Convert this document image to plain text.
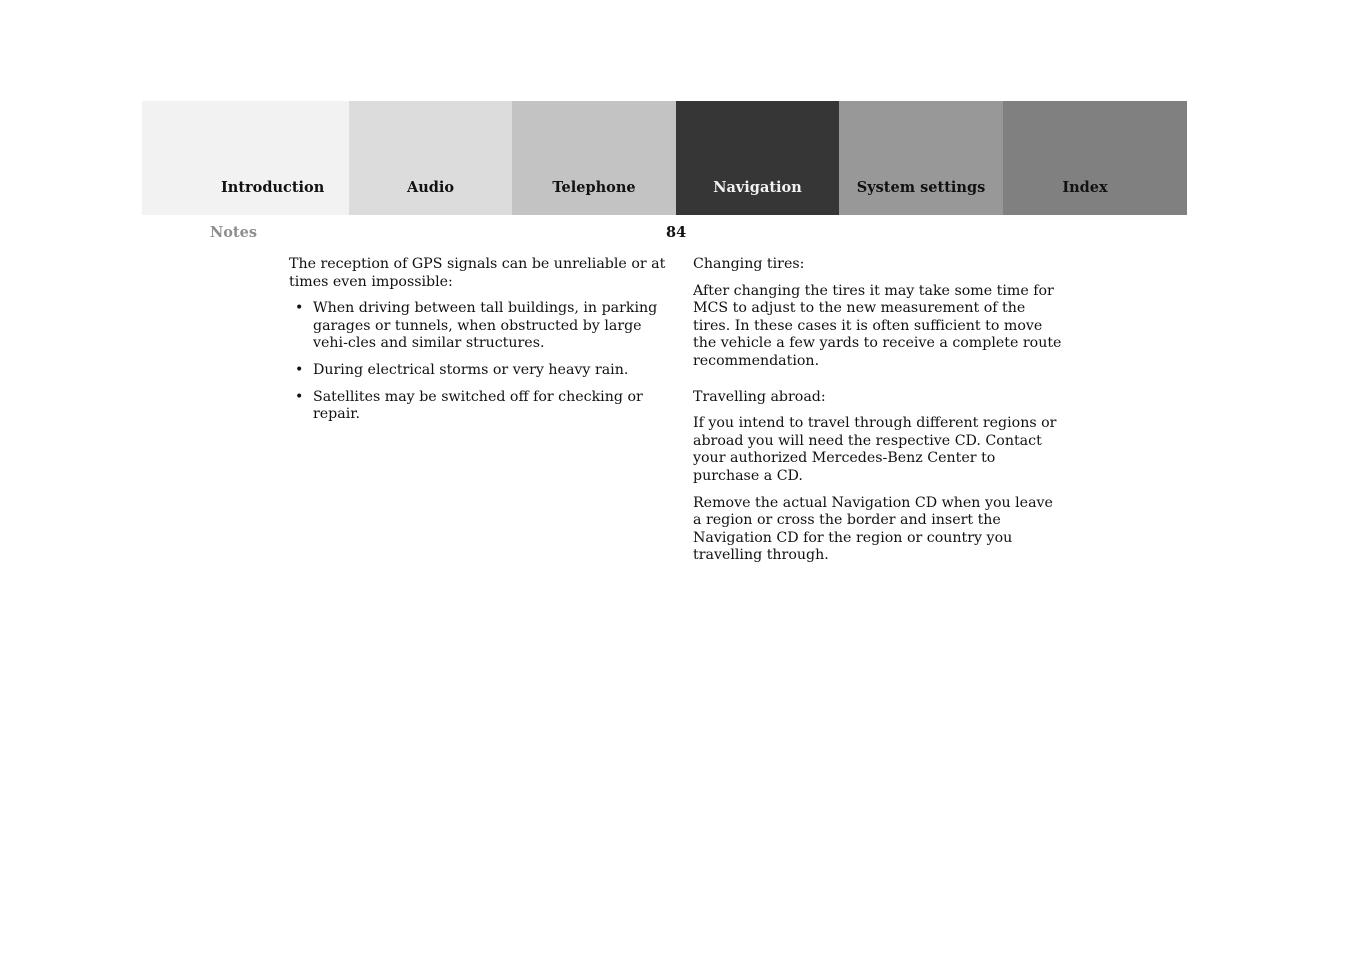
Introduction	Audio	Telephone	Navigation	System settings	Index
Notes	84

The reception of GPS signals can be unreliable or at times even impossible:

• When driving between tall buildings, in parking garages or tunnels, when obstructed by large vehi-cles and similar structures.
• During electrical storms or very heavy rain.
• Satellites may be switched off for checking or repair.

Changing tires:

After changing the tires it may take some time for MCS to adjust to the new measurement of the tires. In these cases it is often sufficient to move the vehicle a few yards to receive a complete route recommendation.

Travelling abroad:

If you intend to travel through different regions or abroad you will need the respective CD. Contact your authorized Mercedes-Benz Center to purchase a CD.

Remove the actual Navigation CD when you leave a region or cross the border and insert the Navigation CD for the region or country you travelling through.
